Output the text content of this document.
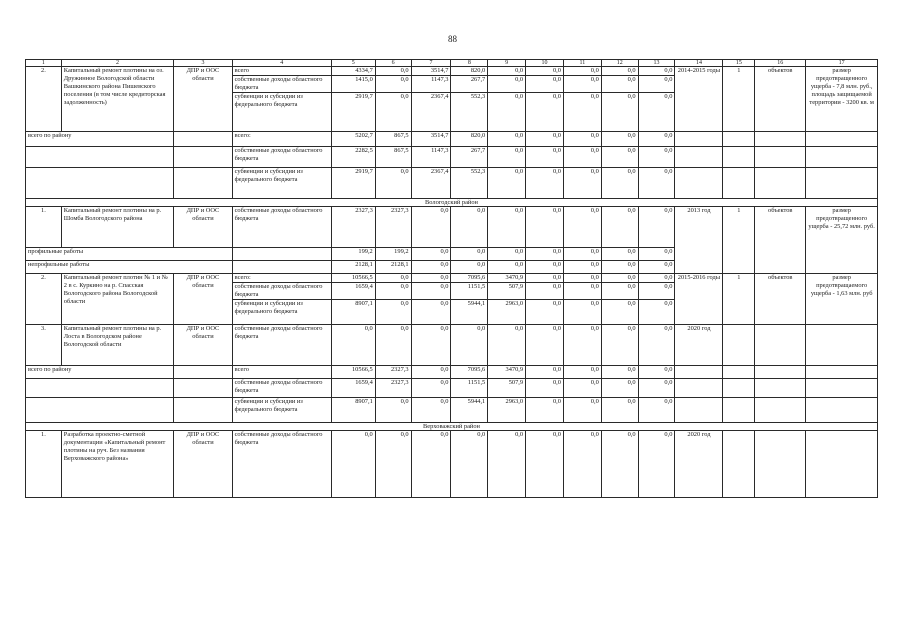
88
1	2	3	4	5	6	7	8	9	10	11	12	13	14	15	16	17
2.	Капитальный ремонт плотины на оз. Дружинное Вологодской области Вашкинского района Пишевского поселения (в том числе кредиторская задолженность)	ДПР и ООС области	всего	4334,7	0,0	3514,7	820,0	0,0	0,0	0,0	0,0	0,0	2014-2015 годы	1	объектов	размер предотвращенного ущерба - 7,8 млн. руб., площадь защищаемой территории - 3200 кв. м
			собственные доходы областного бюджета	1415,0	0,0	1147,3	267,7	0,0	0,0	0,0	0,0	0,0				
			субвенции и субсидии из федерального бюджета	2919,7	0,0	2367,4	552,3	0,0	0,0	0,0	0,0	0,0				
всего по району			всего:	5202,7	867,5	3514,7	820,0	0,0	0,0	0,0	0,0	0,0				
			собственные доходы областного бюджета	2282,5	867,5	1147,3	267,7	0,0	0,0	0,0	0,0	0,0				
			субвенции и субсидии из федерального бюджета	2919,7	0,0	2367,4	552,3	0,0	0,0	0,0	0,0	0,0				
Вологодский район																
1.	Капитальный ремонт плотины на р. Шомба Вологодского района	ДПР и ООС области	собственные доходы областного бюджета	2327,3	2327,3	0,0	0,0	0,0	0,0	0,0	0,0	0,0	2013 год	1	объектов	размер предотвращенного ущерба - 25,72 млн. руб.
профильные работы				199,2	199,2	0,0	0,0	0,0	0,0	0,0	0,0	0,0				
непрофильные работы				2128,1	2128,1	0,0	0,0	0,0	0,0	0,0	0,0	0,0				
2.	Капитальный ремонт плотин № 1 и № 2 в с. Куркино на р. Спасская Вологодского района Вологодской области	ДПР и ООС области	всего:	10566,5	0,0	0,0	7095,6	3470,9	0,0	0,0	0,0	0,0	2015-2016 годы	1	объектов	размер предотвращаемого ущерба - 1,63 млн. руб
			собственные доходы областного бюджета	1659,4	0,0	0,0	1151,5	507,9	0,0	0,0	0,0	0,0				
			субвенции и субсидии из федерального бюджета	8907,1	0,0	0,0	5944,1	2963,0	0,0	0,0	0,0	0,0				
3.	Капитальный ремонт плотины на р. Лоста в Вологодском районе Вологодской области	ДПР и ООС области	собственные доходы областного бюджета	0,0	0,0	0,0	0,0	0,0	0,0	0,0	0,0	0,0	2020 год			
всего по району			всего	10566,5	2327,3	0,0	7095,6	3470,9	0,0	0,0	0,0	0,0				
			собственные доходы областного бюджета	1659,4	2327,3	0,0	1151,5	507,9	0,0	0,0	0,0	0,0				
			субвенции и субсидии из федерального бюджета	8907,1	0,0	0,0	5944,1	2963,0	0,0	0,0	0,0	0,0				
Верховажский район																
1.	Разработка проектно-сметной документации «Капитальный ремонт плотины на руч. Без названия Верховажского района»	ДПР и ООС области	собственные доходы областного бюджета	0,0	0,0	0,0	0,0	0,0	0,0	0,0	0,0	0,0	2020 год			
